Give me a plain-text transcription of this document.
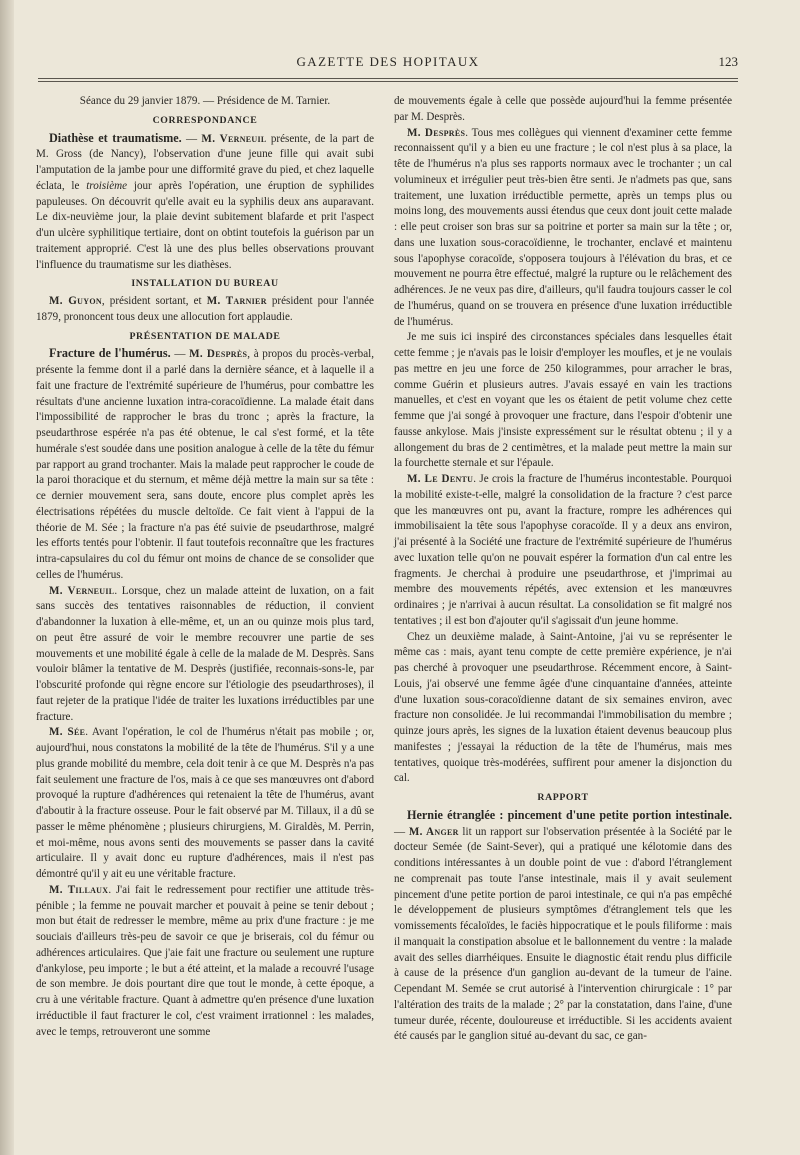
GAZETTE DES HOPITAUX	123

Séance du 29 janvier 1879. — Présidence de M. Tarnier.

CORRESPONDANCE

Diathèse et traumatisme. — M. Verneuil présente, de la part de M. Gross (de Nancy), l'observation d'une jeune fille qui avait subi l'amputation de la jambe pour une difformité grave du pied, et chez laquelle éclata, le troisième jour après l'opération, une éruption de syphilides papuleuses. On découvrit qu'elle avait eu la syphilis deux ans auparavant. Le dix-neuvième jour, la plaie devint subitement blafarde et prit l'aspect d'un ulcère syphilitique tertiaire, dont on obtint toutefois la guérison par un traitement approprié. C'est là une des plus belles observations prouvant l'influence du traumatisme sur les diathèses.

INSTALLATION DU BUREAU

M. Guyon, président sortant, et M. Tarnier président pour l'année 1879, prononcent tous deux une allocution fort applaudie.

PRÉSENTATION DE MALADE

Fracture de l'humérus. — M. Desprès, à propos du procès-verbal, présente la femme dont il a parlé dans la dernière séance, et à laquelle il a fait une fracture de l'extrémité supérieure de l'humérus, pour combattre les résultats d'une ancienne luxation intra-coracoïdienne. La malade était dans l'impossibilité de rapprocher le bras du tronc ; après la fracture, la pseudarthrose espérée n'a pas été obtenue, le cal s'est formé, et la tête humérale s'est soudée dans une position analogue à celle de la tête du fémur par rapport au grand trochanter. Mais la malade peut rapprocher le coude de la paroi thoracique et du sternum, et même déjà mettre la main sur sa tête : ce dernier mouvement sera, sans doute, encore plus complet après les électrisations répétées du muscle deltoïde. Ce fait vient à l'appui de la théorie de M. Sée ; la fracture n'a pas été suivie de pseudarthrose, malgré les efforts tentés pour l'obtenir. Il faut toutefois reconnaître que les fractures intra-capsulaires du col du fémur ont moins de chance de se consolider que celles de l'humérus.

M. Verneuil. Lorsque, chez un malade atteint de luxation, on a fait sans succès des tentatives raisonnables de réduction, il convient d'abandonner la luxation à elle-même, et, un an ou quinze mois plus tard, on peut être assuré de voir le membre recouvrer une partie de ses mouvements et une mobilité égale à celle de la malade de M. Desprès. Sans vouloir blâmer la tentative de M. Desprès (justifiée, reconnais-sons-le, par l'obscurité profonde qui règne encore sur l'étiologie des pseudarthroses), il faut rejeter de la pratique l'idée de traiter les luxations irréductibles par une fracture.

M. Sée. Avant l'opération, le col de l'humérus n'était pas mobile ; or, aujourd'hui, nous constatons la mobilité de la tête de l'humérus. S'il y a une plus grande mobilité du membre, cela doit tenir à ce que M. Desprès n'a pas fait seulement une fracture de l'os, mais à ce que ses manœuvres ont d'abord provoqué la rupture d'adhérences qui retenaient la tête de l'humérus, avant d'aboutir à la fracture osseuse. Pour le fait observé par M. Tillaux, il a dû se passer le même phénomène ; plusieurs chirurgiens, M. Giraldès, M. Perrin, et moi-même, nous avons senti des mouvements se passer dans la cavité articulaire. Il y avait donc eu rupture d'adhérences, mais il n'est pas démontré qu'il y ait eu une véritable fracture.

M. Tillaux. J'ai fait le redressement pour rectifier une attitude très-pénible ; la femme ne pouvait marcher et pouvait à peine se tenir debout ; mon but était de redresser le membre, même au prix d'une fracture : je me souciais d'ailleurs très-peu de savoir ce que je briserais, col du fémur ou adhérences articulaires. Que j'aie fait une fracture ou seulement une rupture d'ankylose, peu importe ; le but a été atteint, et la malade a recouvré l'usage de son membre. Je dois pourtant dire que tout le monde, à cette époque, a cru à une véritable fracture. Quant à admettre qu'en présence d'une luxation irréductible il faut fracturer le col, c'est vraiment irrationnel : les malades, avec le temps, retrouveront une somme

de mouvements égale à celle que possède aujourd'hui la femme présentée par M. Desprès.

M. Desprès. Tous mes collègues qui viennent d'examiner cette femme reconnaissent qu'il y a bien eu une fracture ; le col n'est plus à sa place, la tête de l'humérus n'a plus ses rapports normaux avec le trochanter ; un cal volumineux et irrégulier peut très-bien être senti. Je n'admets pas que, sans traitement, une luxation irréductible permette, après un temps plus ou moins long, des mouvements aussi étendus que ceux dont jouit cette malade : elle peut croiser son bras sur sa poitrine et porter sa main sur la tête ; or, dans une luxation sous-coracoïdienne, le trochanter, enclavé et maintenu sous l'apophyse coracoïde, s'opposera toujours à l'élévation du bras, et ce mouvement ne pourra être effectué, malgré la rupture ou le relâchement des adhérences. Je ne veux pas dire, d'ailleurs, qu'il faudra toujours casser le col de l'humérus, quand on se trouvera en présence d'une luxation irréductible de l'humérus.

Je me suis ici inspiré des circonstances spéciales dans lesquelles était cette femme ; je n'avais pas le loisir d'employer les moufles, et je ne voulais pas mettre en jeu une force de 250 kilogrammes, pour arracher le bras, comme Guérin et plusieurs autres. J'avais essayé en vain les tractions manuelles, et c'est en voyant que les os étaient de petit volume chez cette femme que j'ai songé à provoquer une fracture, dans l'espoir d'obtenir une fausse ankylose. Mais j'insiste expressément sur le résultat obtenu ; il y a allongement du bras de 2 centimètres, et la malade peut mettre la main sur la fourchette sternale et sur l'épaule.

M. Le Dentu. Je crois la fracture de l'humérus incontestable. Pourquoi la mobilité existe-t-elle, malgré la consolidation de la fracture ? c'est parce que les manœuvres ont pu, avant la fracture, rompre les adhérences qui immobilisaient la tête sous l'apophyse coracoïde. Il y a deux ans environ, j'ai présenté à la Société une fracture de l'extrémité supérieure de l'humérus avec luxation telle qu'on ne pouvait espérer la formation d'un cal entre les fragments. Je cherchai à produire une pseudarthrose, et j'imprimai au membre des mouvements répétés, avec extension et les manœuvres ordinaires ; je n'arrivai à aucun résultat. La consolidation se fit malgré nos tentatives ; il est bon d'ajouter qu'il s'agissait d'un jeune homme.

Chez un deuxième malade, à Saint-Antoine, j'ai vu se représenter le même cas : mais, ayant tenu compte de cette première expérience, je n'ai pas cherché à provoquer une pseudarthrose. Récemment encore, à Saint-Louis, j'ai observé une femme âgée d'une cinquantaine d'années, atteinte d'une luxation sous-coracoïdienne datant de six semaines environ, avec fracture non consolidée. Je lui recommandai l'immobilisation du membre ; quinze jours après, les signes de la luxation étaient devenus beaucoup plus manifestes ; j'essayai la réduction de la tête de l'humérus, mais mes tentatives, quoique très-modérées, suffirent pour amener la disjonction du cal.

RAPPORT

Hernie étranglée : pincement d'une petite portion intestinale. — M. Anger lit un rapport sur l'observation présentée à la Société par le docteur Semée (de Saint-Sever), qui a pratiqué une kélotomie dans des conditions intéressantes à un double point de vue : d'abord l'étranglement ne comprenait pas toute l'anse intestinale, mais il y avait seulement pincement d'une petite portion de paroi intestinale, ce qui n'a pas empêché le développement de plusieurs symptômes d'étranglement tels que les vomissements fécaloïdes, le faciès hippocratique et le pouls filiforme : mais il manquait la constipation absolue et le ballonnement du ventre : la malade avait des selles diarrhéiques. Ensuite le diagnostic était rendu plus difficile à cause de la présence d'un ganglion au-devant de la tumeur de l'aine. Cependant M. Semée se crut autorisé à l'intervention chirurgicale : 1° par l'altération des traits de la malade ; 2° par la constatation, dans l'aine, d'une tumeur durée, récente, douloureuse et irréductible. Si les accidents avaient été causés par le ganglion situé au-devant du sac, ce gan-
